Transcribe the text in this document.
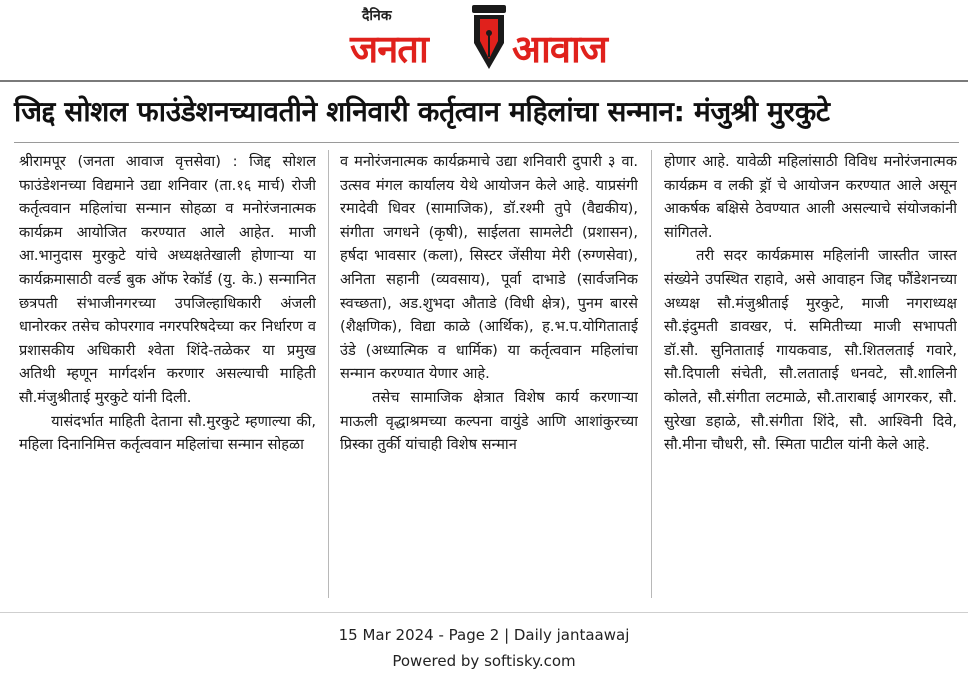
दैनिक
जनता आवाज
जिद्द सोशल फाउंडेशनच्यावतीने शनिवारी कर्तृत्वान महिलांचा सन्मान: मंजुश्री मुरकुटे

श्रीरामपूर (जनता आवाज वृत्तसेवा) : जिद्द सोशल फाउंडेशनच्या विद्यमाने उद्या शनिवार (ता.१६ मार्च) रोजी कर्तृत्ववान महिलांचा सन्मान सोहळा व मनोरंजनात्मक कार्यक्रम आयोजित करण्यात आले आहेत. माजी आ.भानुदास मुरकुटे यांचे अध्यक्षतेखाली होणाऱ्या या कार्यक्रमासाठी वर्ल्ड बुक ऑफ रेकॉर्ड (यु. के.) सन्मानित छत्रपती संभाजीनगरच्या उपजिल्हाधिकारी अंजली धानोरकर तसेच कोपरगाव नगरपरिषदेच्या कर निर्धारण व प्रशासकीय अधिकारी श्वेता शिंदे-तळेकर या प्रमुख अतिथी म्हणून मार्गदर्शन करणार असल्याची माहिती सौ.मंजुश्रीताई मुरकुटे यांनी दिली.

यासंदर्भात माहिती देताना सौ.मुरकुटे म्हणाल्या की, महिला दिनानिमित्त कर्तृत्ववान महिलांचा सन्मान सोहळा

व मनोरंजनात्मक कार्यक्रमाचे उद्या शनिवारी दुपारी ३ वा. उत्सव मंगल कार्यालय येथे आयोजन केले आहे. याप्रसंगी रमादेवी धिवर (सामाजिक), डॉ.रश्मी तुपे (वैद्यकीय), संगीता जगधने (कृषी), साईलता सामलेटी (प्रशासन), हर्षदा भावसार (कला), सिस्टर जेंसीया मेरी (रुग्णसेवा), अनिता सहानी (व्यवसाय), पूर्वा दाभाडे (सार्वजनिक स्वच्छता), अड.शुभदा औताडे (विधी क्षेत्र), पुनम बारसे (शैक्षणिक), विद्या काळे (आर्थिक), ह.भ.प.योगिताताई उंडे (अध्यात्मिक व धार्मिक) या कर्तृत्ववान महिलांचा सन्मान करण्यात येणार आहे.

तसेच सामाजिक क्षेत्रात विशेष कार्य करणाऱ्या माऊली वृद्धाश्रमच्या कल्पना वायुंडे आणि आशांकुरच्या प्रिस्का तुर्की यांचाही विशेष सन्मान

होणार आहे. यावेळी महिलांसाठी विविध मनोरंजनात्मक कार्यक्रम व लकी ड्रॉ चे आयोजन करण्यात आले असून आकर्षक बक्षिसे ठेवण्यात आली असल्याचे संयोजकांनी सांगितले.

तरी सदर कार्यक्रमास महिलांनी जास्तीत जास्त संख्येने उपस्थित राहावे, असे आवाहन जिद्द फौंडेशनच्या अध्यक्ष सौ.मंजुश्रीताई मुरकुटे, माजी नगराध्यक्ष सौ.इंदुमती डावखर, पं. समितीच्या माजी सभापती डॉ.सौ. सुनिताताई गायकवाड, सौ.शितलताई गवारे, सौ.दिपाली संचेती, सौ.लताताई धनवटे, सौ.शालिनी कोलते, सौ.संगीता लटमाळे, सौ.ताराबाई आगरकर, सौ. सुरेखा डहाळे, सौ.संगीता शिंदे, सौ. आश्विनी दिवे, सौ.मीना चौधरी, सौ. स्मिता पाटील यांनी केले आहे.

15 Mar 2024 - Page 2 | Daily jantaawaj
Powered by softisky.com
